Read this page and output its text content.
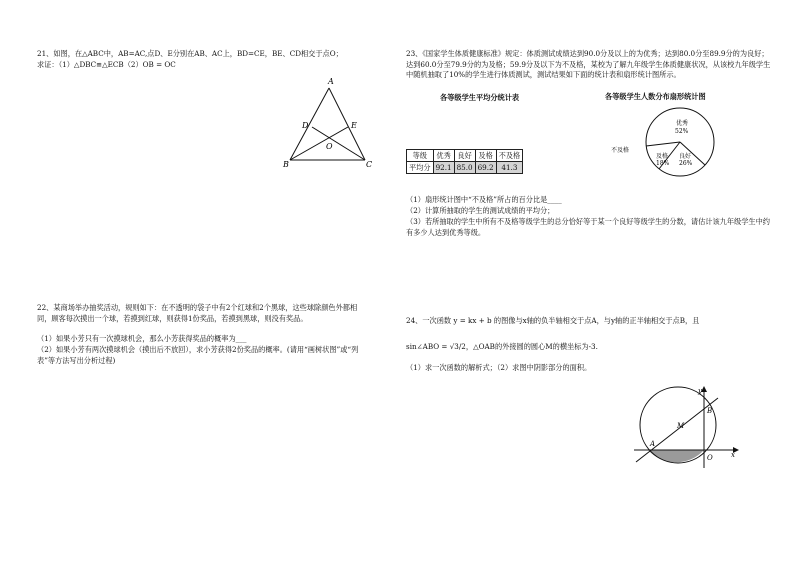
21、如图，在△ABC中，AB=AC,点D、E分别在AB、AC上，BD=CE，BE、CD相交于点O；
求证：（1）△DBC≌△ECB（2）OB = OC
A
D	E
O
B	C
22、某商场举办抽奖活动，规则如下：在不透明的袋子中有2个红球和2个黑球，这些球除颜色外都相同，顾客每次摸出一个球，若摸到红球，则获得1份奖品，若摸到黑球，则没有奖品。
（1）如果小芳只有一次摸球机会，那么小芳获得奖品的概率为___
（2）如果小芳有两次摸球机会（摸出后不放回），求小芳获得2份奖品的概率。(请用“画树状图”或“列表”等方法写出分析过程)
23、《国家学生体质健康标准》规定：体质测试成绩达到90.0分及以上的为优秀；达到80.0分至89.9分的为良好；达到60.0分至79.9分的为及格；59.9分及以下为不及格，某校为了解九年级学生体质健康状况，从该校九年级学生中随机抽取了10%的学生进行体质测试，测试结果如下面的统计表和扇形统计图所示。
各等级学生平均分统计表	各等级学生人数分布扇形统计图
等级	优秀	良好	及格	不及格
平均分	92.1	85.0	69.2	41.3
优秀
52%
良好
26%
及格
18%
不及格
（1）扇形统计图中“不及格”所占的百分比是____
（2）计算所抽取的学生的测试成绩的平均分；
（3）若所抽取的学生中所有不及格等级学生的总分恰好等于某一个良好等级学生的分数，请估计该九年级学生中约有多少人达到优秀等级。
24、一次函数 y = kx + b 的图像与x轴的负半轴相交于点A，与y轴的正半轴相交于点B，且
sin∠ABO = √3/2，△OAB的外接圆的圆心M的横坐标为-3.
（1）求一次函数的解析式；（2）求图中阴影部分的面积。
y
x
B
M
A
O
